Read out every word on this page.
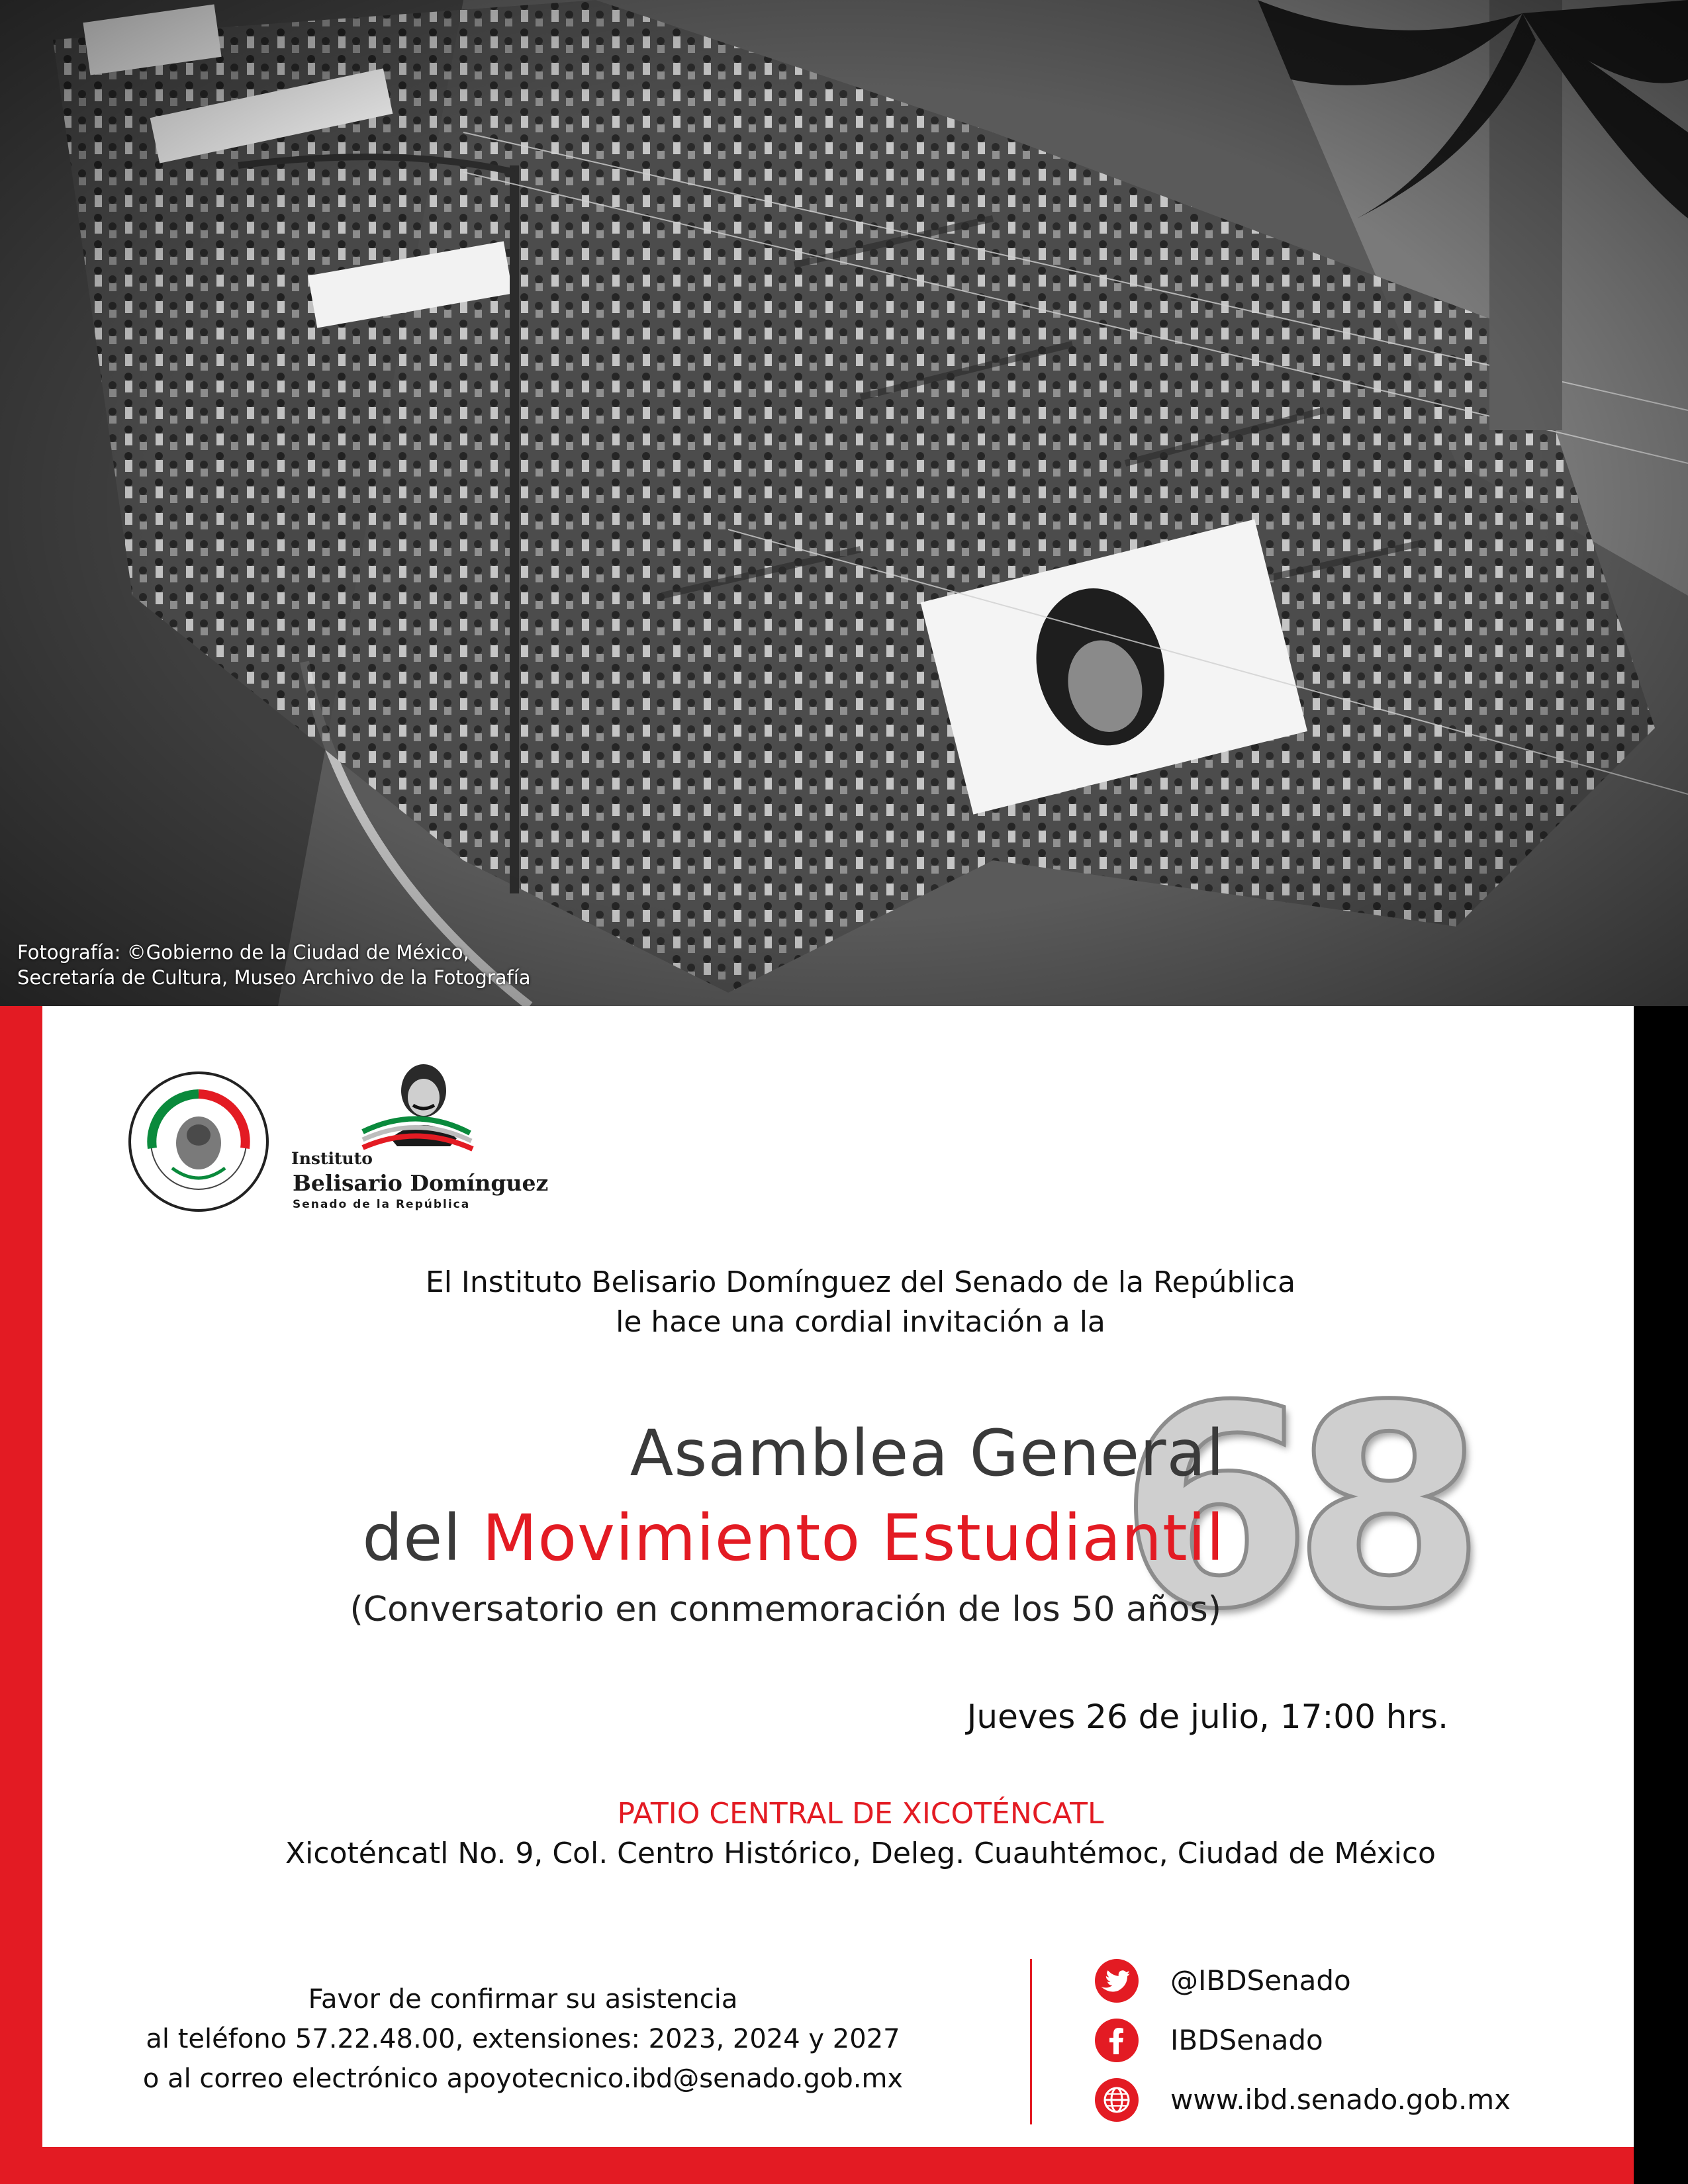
Fotografía: ©Gobierno de la Ciudad de México,
Secretaría de Cultura, Museo Archivo de la Fotografía
Instituto
Belisario Domínguez
Senado de la República
El Instituto Belisario Domínguez del Senado de la República
le hace una cordial invitación a la
68
Asamblea General
del Movimiento Estudiantil
(Conversatorio en conmemoración de los 50 años)
Jueves 26 de julio, 17:00 hrs.
PATIO CENTRAL DE XICOTÉNCATL
Xicoténcatl No. 9, Col. Centro Histórico, Deleg. Cuauhtémoc, Ciudad de México
Favor de confirmar su asistencia
al teléfono 57.22.48.00, extensiones: 2023, 2024 y 2027
o al correo electrónico apoyotecnico.ibd@senado.gob.mx
@IBDSenado
IBDSenado
www.ibd.senado.gob.mx
